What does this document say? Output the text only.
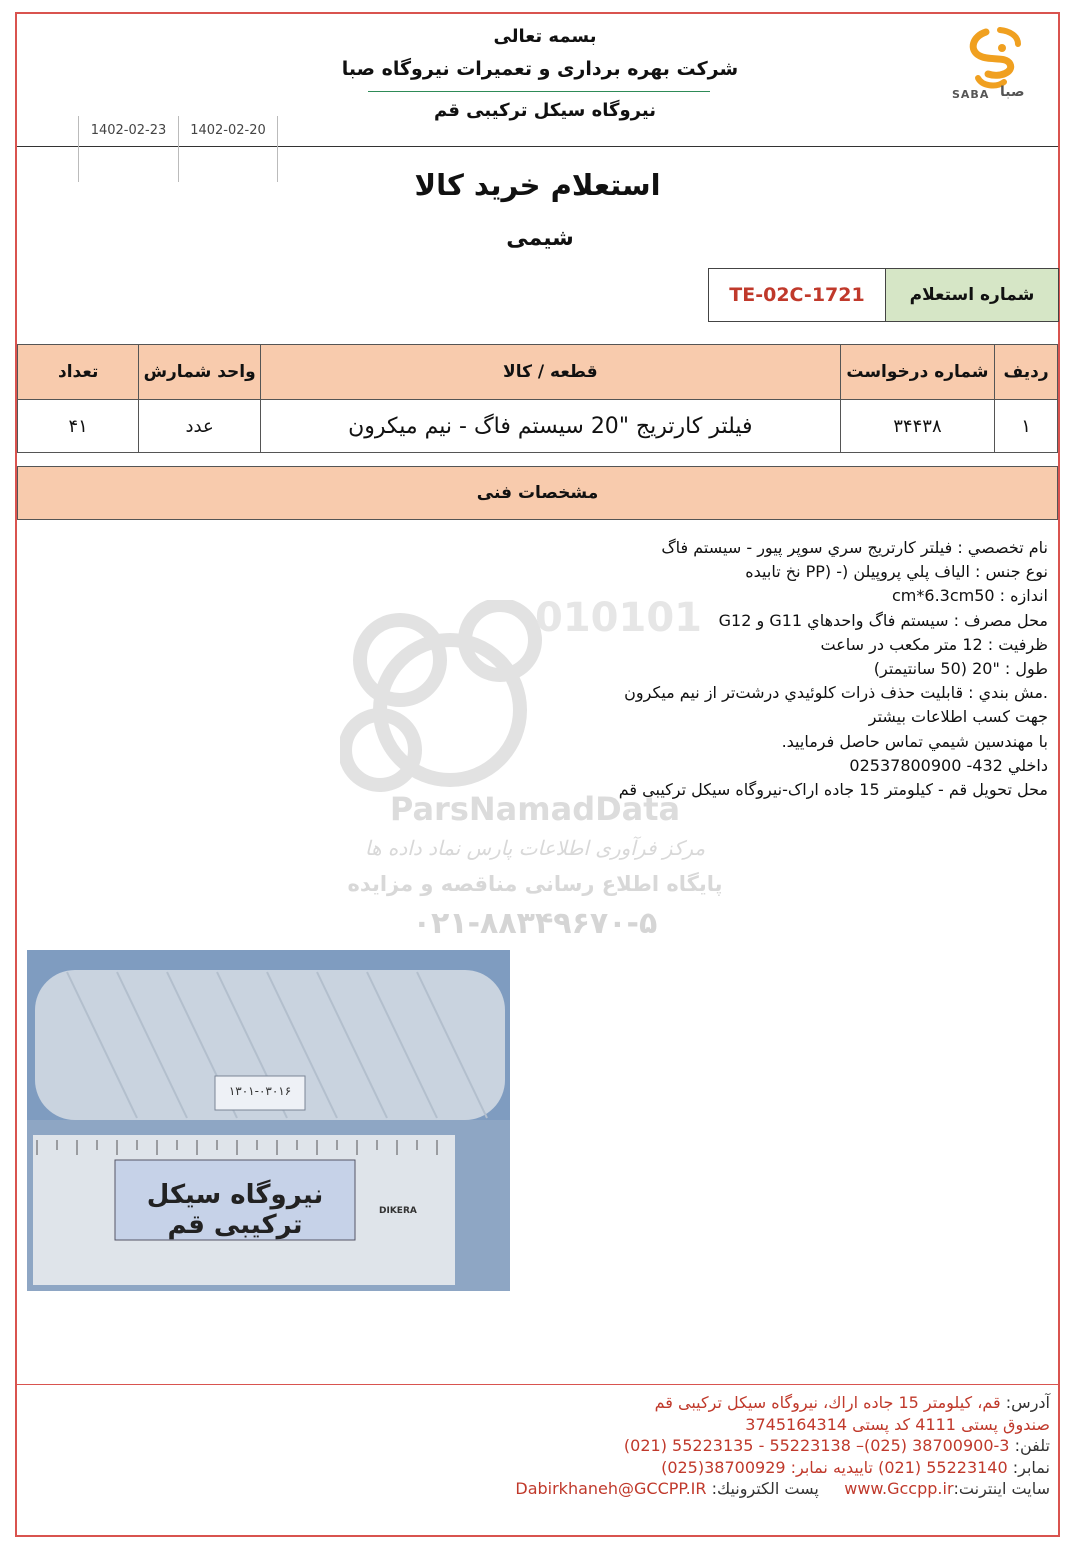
SABA صبا
بسمه تعالی
شرکت بهره برداری و تعمیرات نیروگاه صبا
نیروگاه سیکل ترکیبی قم
1402-02-23	1402-02-20
استعلام خرید کالا
شیمی
شماره استعلام
TE-02C-1721
ردیف	شماره درخواست	قطعه / کالا	واحد شمارش	تعداد
۱	۳۴۴۳۸	فیلتر کارتریج "20 سیستم فاگ - نیم میکرون	عدد	۴۱
مشخصات فنی
010101
ParsNamadData
مرکز فرآوری اطلاعات پارس نماد داده ها
پایگاه اطلاع رسانی مناقصه و مزایده
۰۲۱-۸۸۳۴۹۶۷۰-۵
نام تخصصي : فيلتر كارتريج سري سوپر پيور - سيستم فاگ
نوع جنس : الياف پلي پروپيلن (- (PP نخ تابيده
اندازه : cm*6.3cm50
محل مصرف : سيستم فاگ واحدهاي G11 و G12
ظرفيت : 12 متر مكعب در ساعت
طول : "20 (50 سانتيمتر)
.مش بندي : قابليت حذف ذرات كلوئيدي درشت‌تر از نيم ميكرون
جهت كسب اطلاعات بيشتر
با مهندسين شيمي تماس حاصل فرماييد.
داخلي 432- 02537800900
محل تحویل قم - کیلومتر 15 جاده اراک-نیروگاه سیکل ترکیبی قم
نیروگاه سیکل ترکیبی قم
۱۳۰۱-۰۳۰۱۶
DIKERA
آدرس: قم، كيلومتر 15 جاده اراك، نيروگاه سيكل تركيبی قم
صندوق پستی 4111 كد پستی 3745164314
تلفن: 3-38700900 (025)– 55223138 - 55223135 (021)
نمابر: 55223140 (021) تاییدیه نمابر: 38700929(025)
سایت اینترنت:www.Gccpp.ir     پست الكترونيك: Dabirkhaneh@GCCPP.IR
